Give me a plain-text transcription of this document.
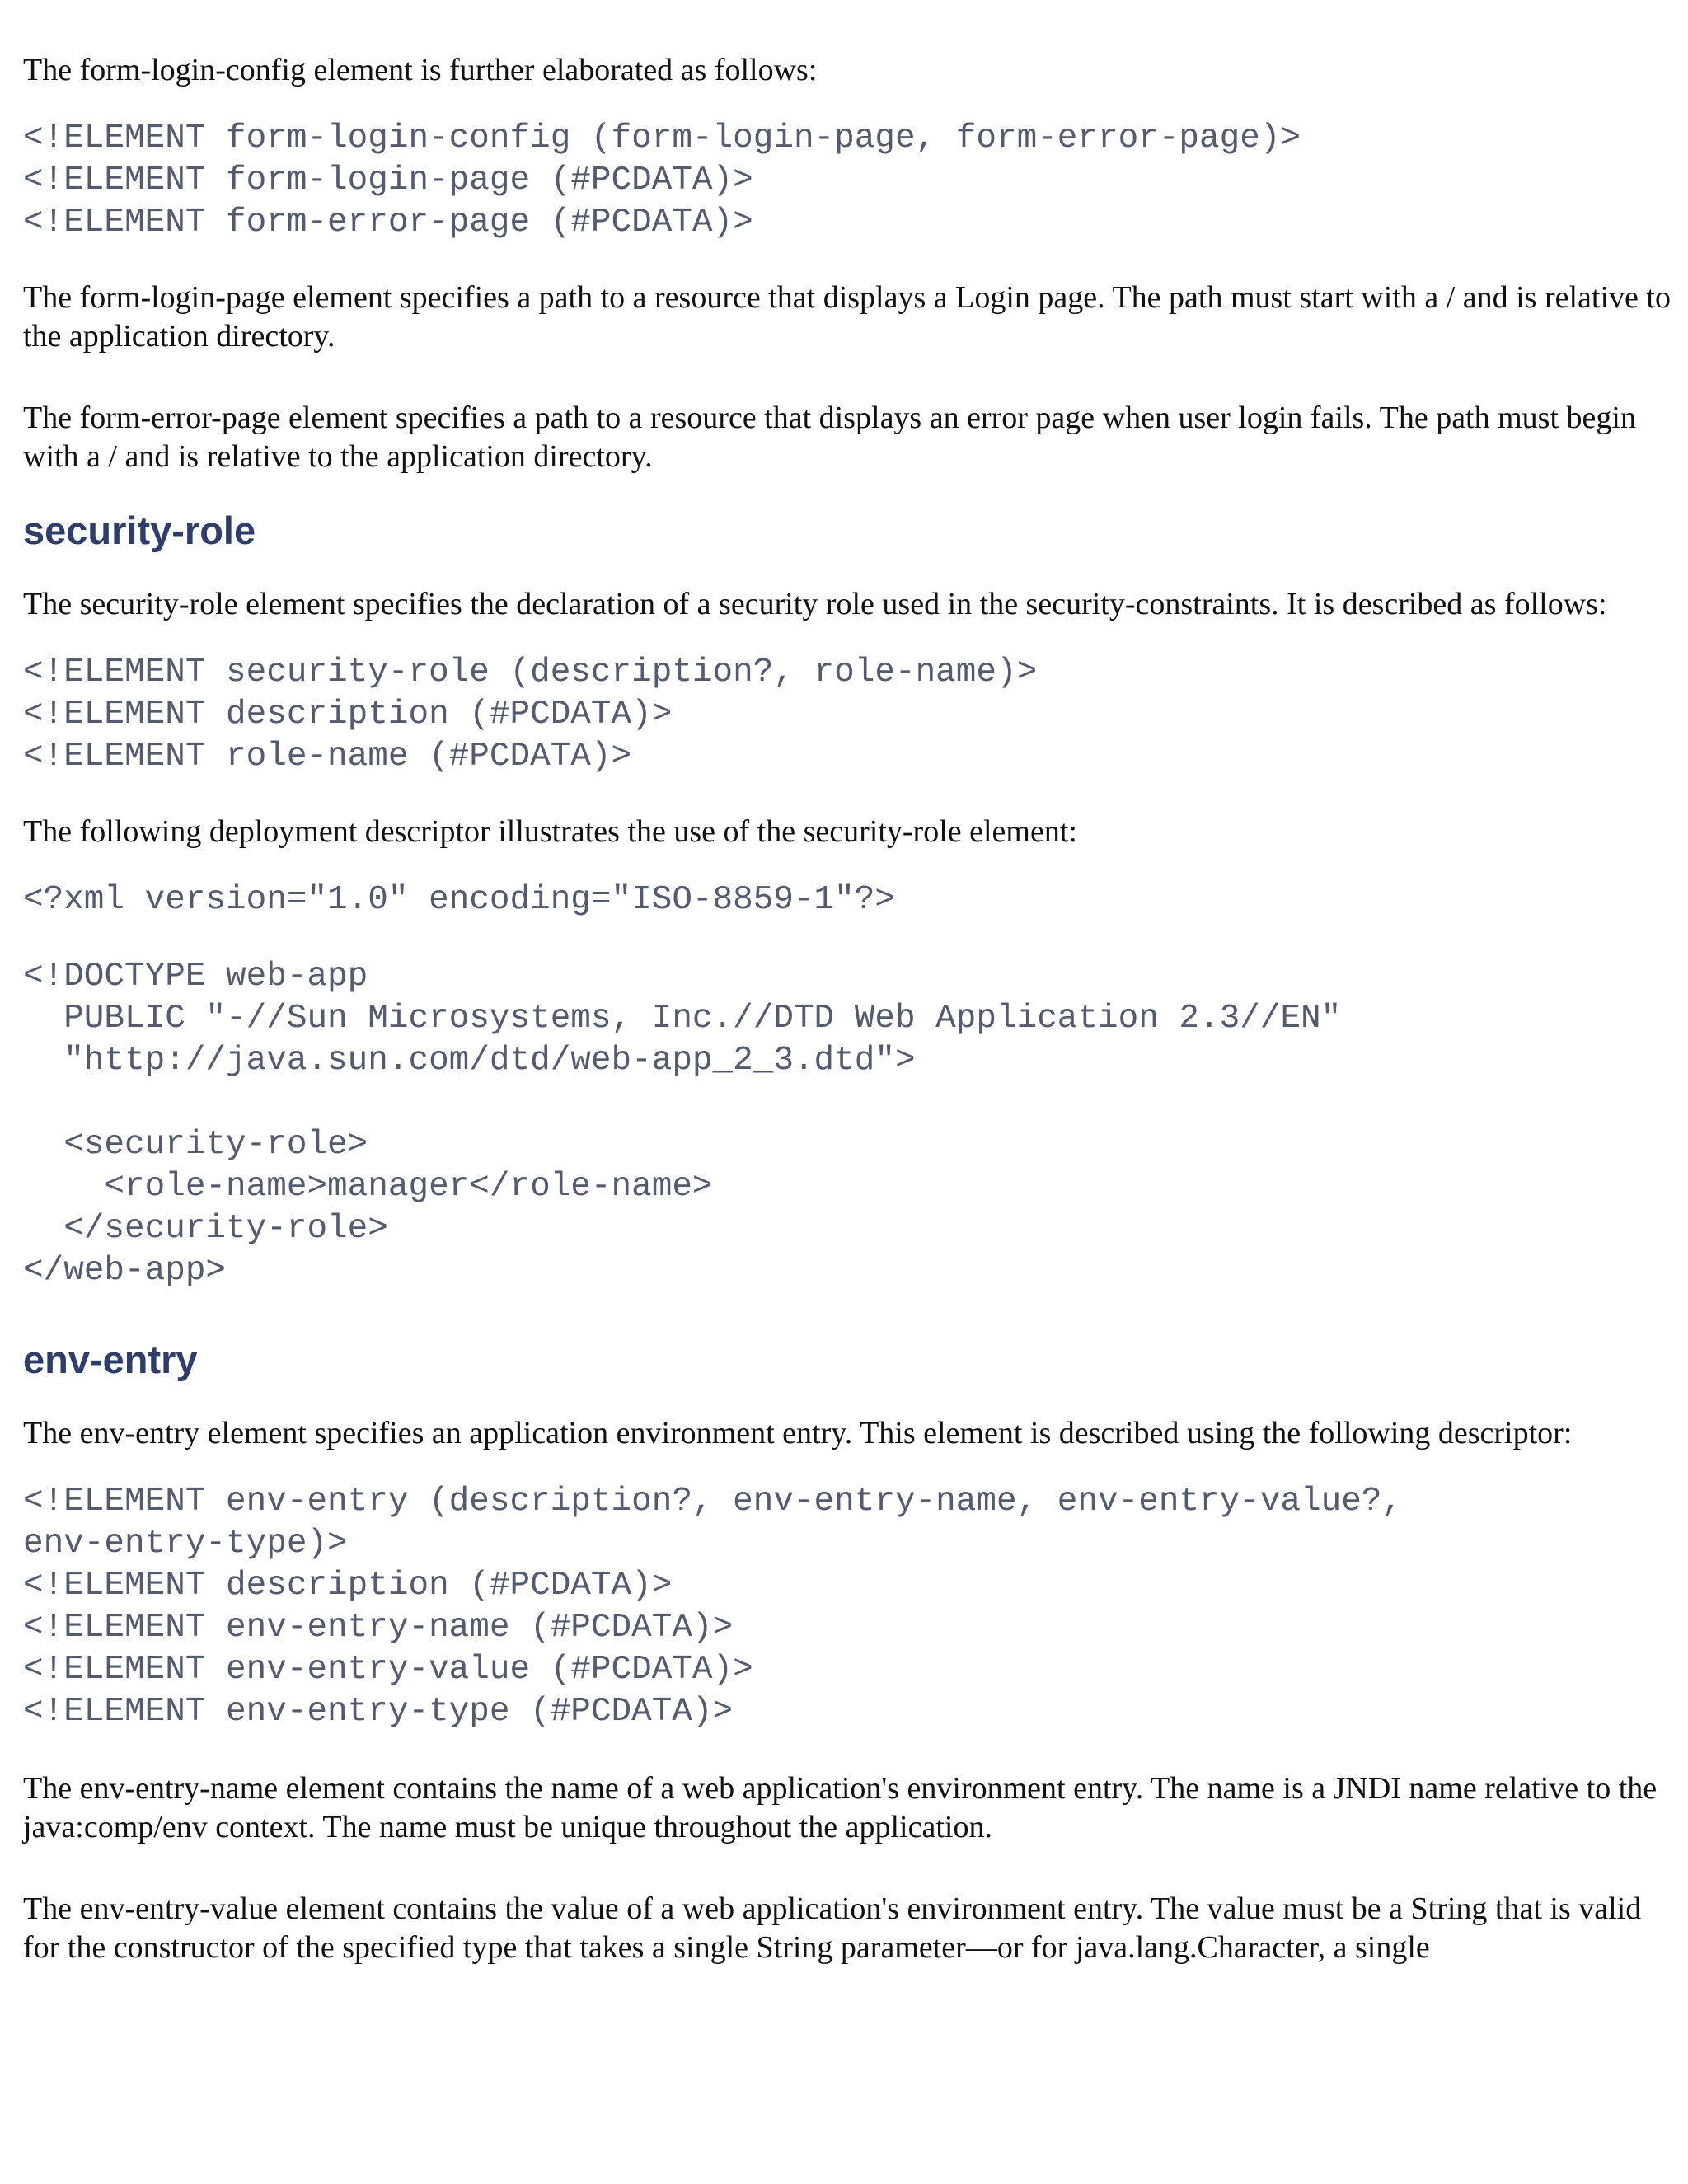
The form-login-config element is further elaborated as follows:

<!ELEMENT form-login-config (form-login-page, form-error-page)>
<!ELEMENT form-login-page (#PCDATA)>
<!ELEMENT form-error-page (#PCDATA)>

The form-login-page element specifies a path to a resource that displays a Login page. The path must start with a / and is relative to the application directory.

The form-error-page element specifies a path to a resource that displays an error page when user login fails. The path must begin with a / and is relative to the application directory.

security-role

The security-role element specifies the declaration of a security role used in the security-constraints. It is described as follows:

<!ELEMENT security-role (description?, role-name)>
<!ELEMENT description (#PCDATA)>
<!ELEMENT role-name (#PCDATA)>

The following deployment descriptor illustrates the use of the security-role element:

<?xml version="1.0" encoding="ISO-8859-1"?>
<!DOCTYPE web-app
PUBLIC "-//Sun Microsystems, Inc.//DTD Web Application 2.3//EN"
"http://java.sun.com/dtd/web-app_2_3.dtd">

<security-role>
<role-name>manager</role-name>
</security-role>
</web-app>
env-entry

The env-entry element specifies an application environment entry. This element is described using the following descriptor:

<!ELEMENT env-entry (description?, env-entry-name, env-entry-value?,
env-entry-type)>
<!ELEMENT description (#PCDATA)>
<!ELEMENT env-entry-name (#PCDATA)>
<!ELEMENT env-entry-value (#PCDATA)>
<!ELEMENT env-entry-type (#PCDATA)>

The env-entry-name element contains the name of a web application's environment entry. The name is a JNDI name relative to the java:comp/env context. The name must be unique throughout the application.

The env-entry-value element contains the value of a web application's environment entry. The value must be a String that is valid for the constructor of the specified type that takes a single String parameter—or for java.lang.Character, a single
